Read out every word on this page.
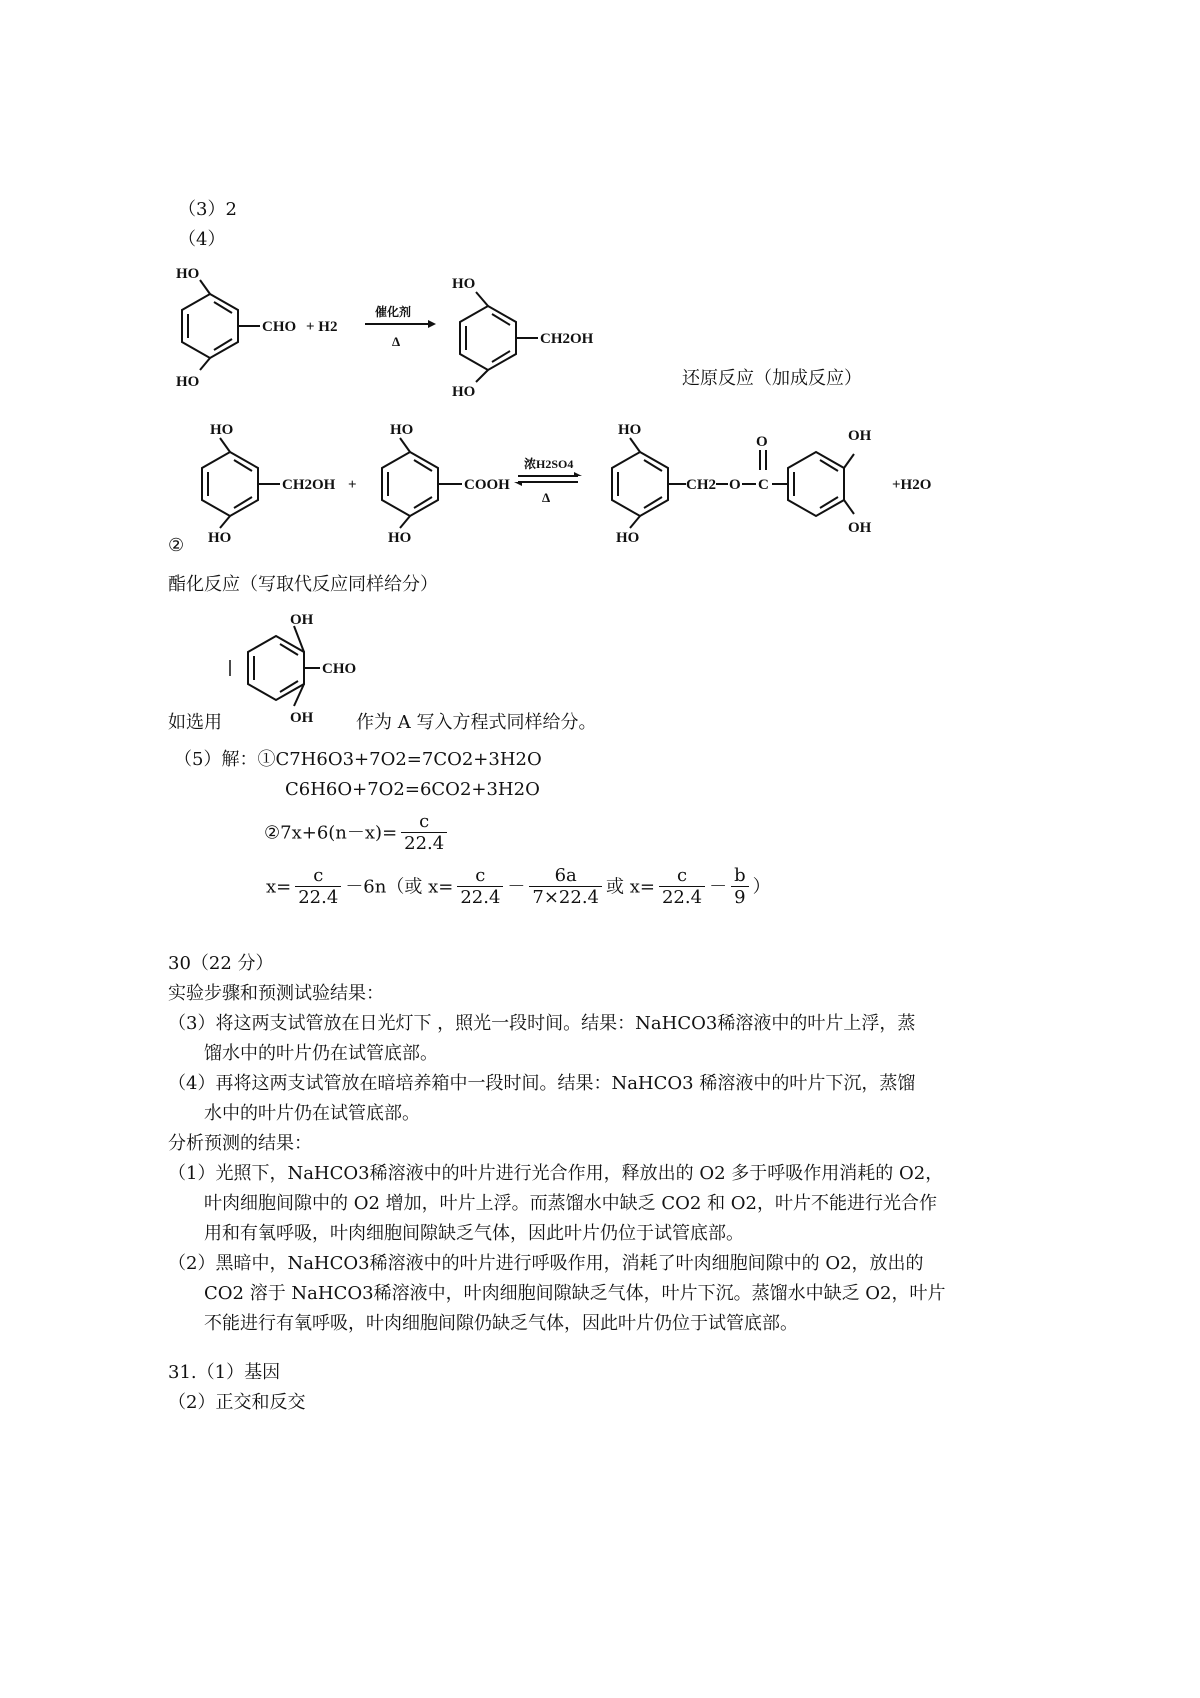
（3）2
（4）
HO
HO
CHO + H2
催化剂
Δ
HO
HO
CH2OH
还原反应（加成反应）
HO
HO
CH2OH +
HO
HO
COOH
浓H2SO4
Δ
HO
HO
CH2 O
O
C
OH
OH
+H2O
②
酯化反应（写取代反应同样给分）
OH
OH
CHO
如选用	作为 A 写入方程式同样给分。
（5）解：①C7H6O3+7O2=7CO2+3H2O
C6H6O+7O2=6CO2+3H2O
②7x+6(n－x)= $\frac{c}{22.4}$
$x= \frac{c}{22.4} -6n$（或 $x= \frac{c}{22.4} - \frac{6a}{7\times 22.4}$ 或 $x= \frac{c}{22.4} - \frac{b}{9}$ ）
30（22 分）
实验步骤和预测试验结果：
（3）将这两支试管放在日光灯下 ，照光一段时间。结果：NaHCO3稀溶液中的叶片上浮，蒸
馏水中的叶片仍在试管底部。
（4）再将这两支试管放在暗培养箱中一段时间。结果：NaHCO3 稀溶液中的叶片下沉，蒸馏
水中的叶片仍在试管底部。
分析预测的结果：
（1）光照下，NaHCO3稀溶液中的叶片进行光合作用，释放出的 O2 多于呼吸作用消耗的 O2，
叶肉细胞间隙中的 O2 增加，叶片上浮。而蒸馏水中缺乏 CO2 和 O2，叶片不能进行光合作
用和有氧呼吸，叶肉细胞间隙缺乏气体，因此叶片仍位于试管底部。
（2）黑暗中，NaHCO3稀溶液中的叶片进行呼吸作用，消耗了叶肉细胞间隙中的 O2，放出的
CO2 溶于 NaHCO3稀溶液中，叶肉细胞间隙缺乏气体，叶片下沉。蒸馏水中缺乏 O2，叶片
不能进行有氧呼吸，叶肉细胞间隙仍缺乏气体，因此叶片仍位于试管底部。
31.（1）基因
（2）正交和反交
